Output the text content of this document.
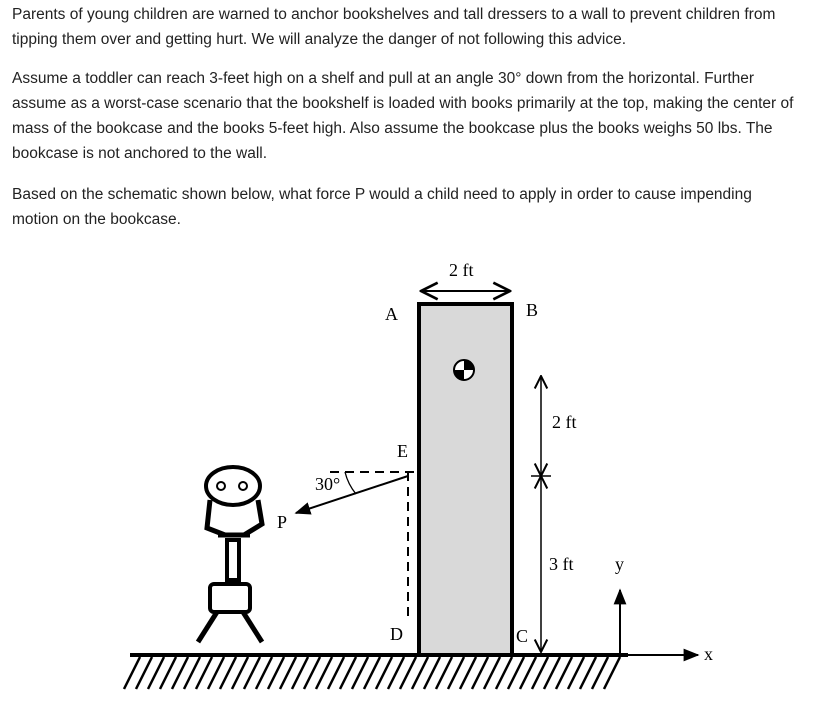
Parents of young children are warned to anchor bookshelves and tall dressers to a wall to prevent children from tipping them over and getting hurt. We will analyze the danger of not following this advice.

Assume a toddler can reach 3-feet high on a shelf and pull at an angle 30° down from the horizontal. Further assume as a worst-case scenario that the bookshelf is loaded with books primarily at the top, making the center of mass of the bookcase and the books 5-feet high. Also assume the bookcase plus the books weighs 50 lbs. The bookcase is not anchored to the wall.

Based on the schematic shown below, what force P would a child need to apply in order to cause impending motion on the bookcase.

2 ft
A	B
E
D	C
2 ft
3 ft y
x
30°
P
